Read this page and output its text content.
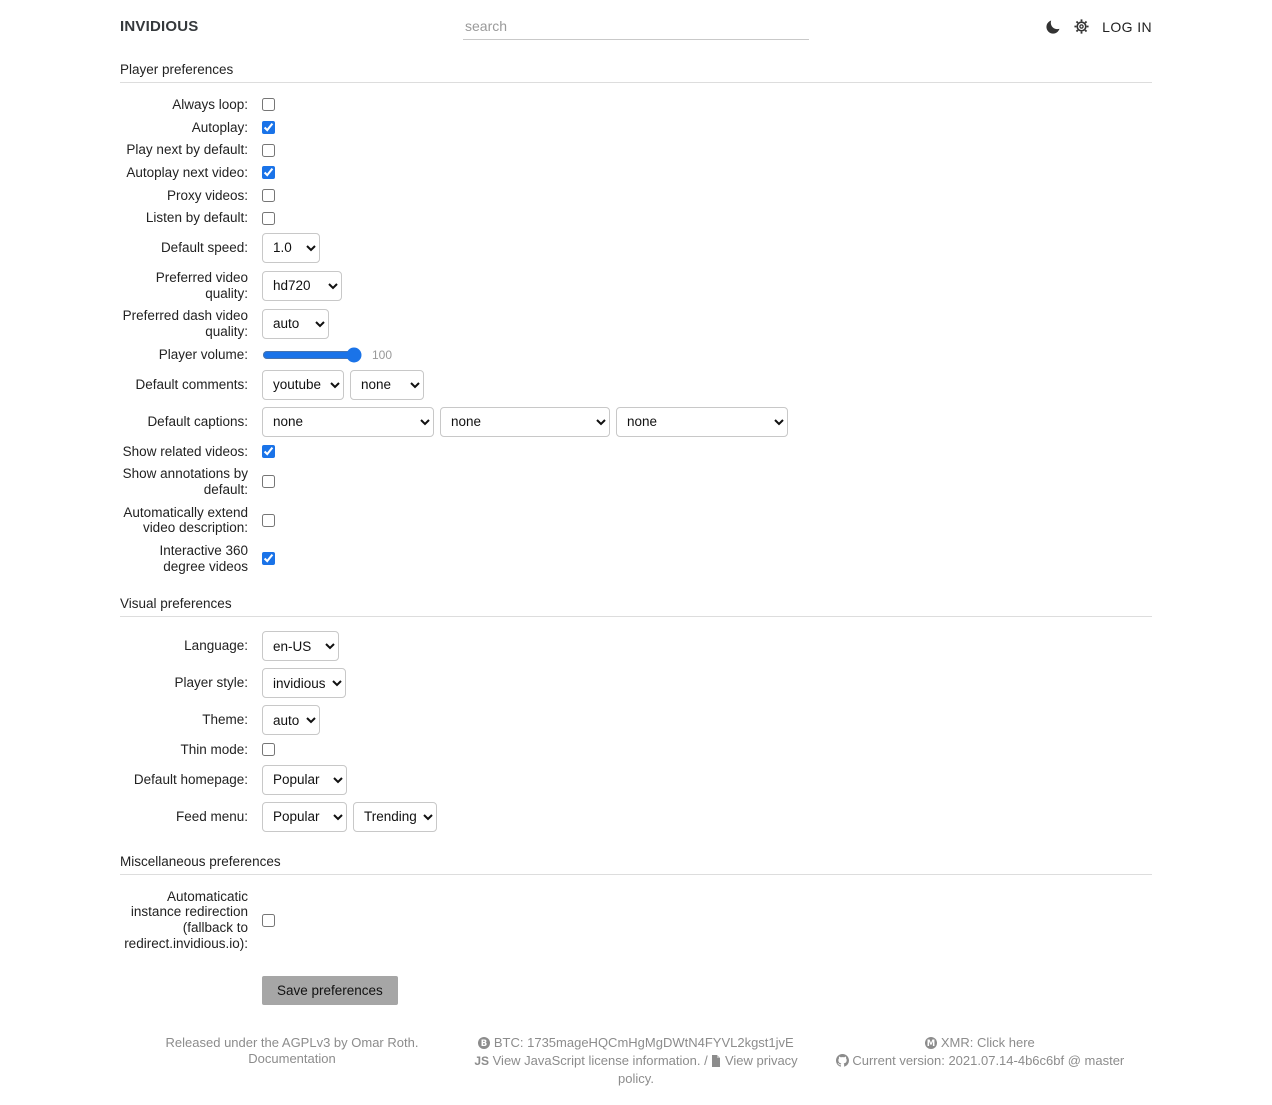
INVIDIOUS
search	LOG IN
Player preferences
Always loop:
Autoplay:
Play next by default:
Autoplay next video:
Proxy videos:
Listen by default:
Default speed:
1.0
Preferred video quality:
hd720
Preferred dash video quality:
auto
Player volume:	100
Default comments:
youtube
none
Default captions:
none
none
none
Show related videos:
Show annotations by default:
Automatically extend video description:
Interactive 360 degree videos
Visual preferences
Language:
en-US
Player style:
invidious
Theme:
auto
Thin mode:
Default homepage:
Popular
Feed menu:
Popular
Trending
Miscellaneous preferences
Automaticatic instance redirection (fallback to redirect.invidious.io):
Save preferences
Released under the AGPLv3 by Omar Roth.
Documentation
B BTC: 1735mageHQCmHgMgDWtN4FYVL2kgst1jvE
JS View JavaScript license information. /  View privacy policy.
M XMR: Click here
Current version: 2021.07.14-4b6c6bf @ master
